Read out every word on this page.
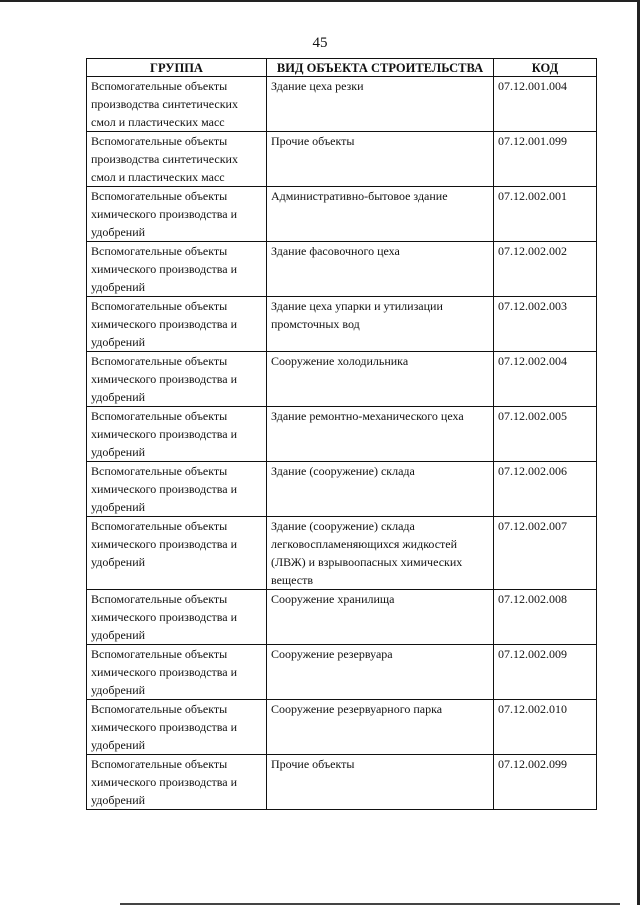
45
ГРУППА	ВИД ОБЪЕКТА СТРОИТЕЛЬСТВА	КОД
Вспомогательные объекты производства синтетических смол и пластических масс	Здание цеха резки	07.12.001.004
Вспомогательные объекты производства синтетических смол и пластических масс	Прочие объекты	07.12.001.099
Вспомогательные объекты химического производства и удобрений	Административно-бытовое здание	07.12.002.001
Вспомогательные объекты химического производства и удобрений	Здание фасовочного цеха	07.12.002.002
Вспомогательные объекты химического производства и удобрений	Здание цеха упарки и утилизации промсточных вод	07.12.002.003
Вспомогательные объекты химического производства и удобрений	Сооружение холодильника	07.12.002.004
Вспомогательные объекты химического производства и удобрений	Здание ремонтно-механического цеха	07.12.002.005
Вспомогательные объекты химического производства и удобрений	Здание (сооружение) склада	07.12.002.006
Вспомогательные объекты химического производства и удобрений	Здание (сооружение) склада легковоспламеняющихся жидкостей (ЛВЖ) и взрывоопасных химических веществ	07.12.002.007
Вспомогательные объекты химического производства и удобрений	Сооружение хранилища	07.12.002.008
Вспомогательные объекты химического производства и удобрений	Сооружение резервуара	07.12.002.009
Вспомогательные объекты химического производства и удобрений	Сооружение резервуарного парка	07.12.002.010
Вспомогательные объекты химического производства и удобрений	Прочие объекты	07.12.002.099
